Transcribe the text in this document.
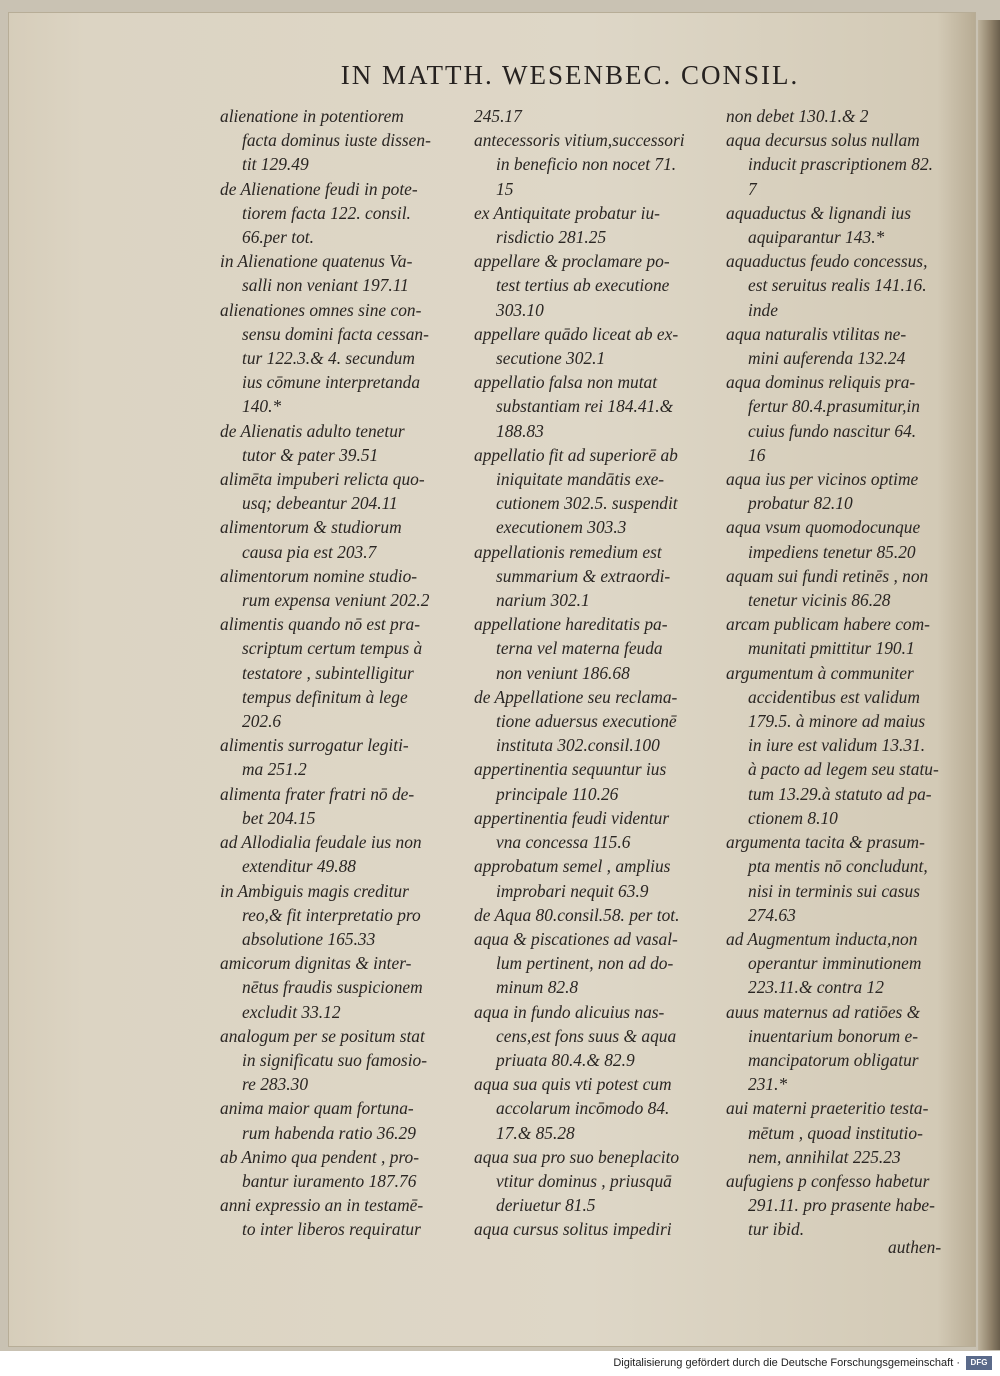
IN MATTH. WESENBEC. CONSIL.
alienatione in potentiorem
facta dominus iuste dissen-
tit 129.49
de Alienatione feudi in pote-
tiorem facta 122. consil.
66.per tot.
in Alienatione quatenus Va-
salli non veniant 197.11
alienationes omnes sine con-
sensu domini facta cessan-
tur 122.3.& 4. secundum
ius cōmune interpretanda
140.*
de Alienatis adulto tenetur
tutor & pater 39.51
alimēta impuberi relicta quo-
usq; debeantur 204.11
alimentorum & studiorum
causa pia est 203.7
alimentorum nomine studio-
rum expensa veniunt 202.2
alimentis quando nō est pra-
scriptum certum tempus à
testatore , subintelligitur
tempus definitum à lege
202.6
alimentis surrogatur legiti-
ma 251.2
alimenta frater fratri nō de-
bet 204.15
ad Allodialia feudale ius non
extenditur 49.88
in Ambiguis magis creditur
reo,& fit interpretatio pro
absolutione 165.33
amicorum dignitas & inter-
nētus fraudis suspicionem
excludit 33.12
analogum per se positum stat
in significatu suo famosio-
re 283.30
anima maior quam fortuna-
rum habenda ratio 36.29
ab Animo qua pendent , pro-
bantur iuramento 187.76
anni expressio an in testamē-
to inter liberos requiratur
245.17
antecessoris vitium,successori
in beneficio non nocet 71.
15
ex Antiquitate probatur iu-
risdictio 281.25
appellare & proclamare po-
test tertius ab executione
303.10
appellare quādo liceat ab ex-
secutione 302.1
appellatio falsa non mutat
substantiam rei 184.41.&
188.83
appellatio fit ad superiorē ab
iniquitate mandātis exe-
cutionem 302.5. suspendit
executionem 303.3
appellationis remedium est
summarium & extraordi-
narium 302.1
appellatione hareditatis pa-
terna vel materna feuda
non veniunt 186.68
de Appellatione seu reclama-
tione aduersus executionē
instituta 302.consil.100
appertinentia sequuntur ius
principale 110.26
appertinentia feudi videntur
vna concessa 115.6
approbatum semel , amplius
improbari nequit 63.9
de Aqua 80.consil.58. per tot.
aqua & piscationes ad vasal-
lum pertinent, non ad do-
minum 82.8
aqua in fundo alicuius nas-
cens,est fons suus & aqua
priuata 80.4.& 82.9
aqua sua quis vti potest cum
accolarum incōmodo 84.
17.& 85.28
aqua sua pro suo beneplacito
vtitur dominus , priusquā
deriuetur 81.5
aqua cursus solitus impediri
non debet 130.1.& 2
aqua decursus solus nullam
inducit prascriptionem 82.
7
aquaductus & lignandi ius
aquiparantur 143.*
aquaductus feudo concessus,
est seruitus realis 141.16.
inde
aqua naturalis vtilitas ne-
mini auferenda 132.24
aqua dominus reliquis pra-
fertur 80.4.prasumitur,in
cuius fundo nascitur 64.
16
aqua ius per vicinos optime
probatur 82.10
aqua vsum quomodocunque
impediens tenetur 85.20
aquam sui fundi retinēs , non
tenetur vicinis 86.28
arcam publicam habere com-
munitati pmittitur 190.1
argumentum à communiter
accidentibus est validum
179.5. à minore ad maius
in iure est validum 13.31.
à pacto ad legem seu statu-
tum 13.29.à statuto ad pa-
ctionem 8.10
argumenta tacita & prasum-
pta mentis nō concludunt,
nisi in terminis sui casus
274.63
ad Augmentum inducta,non
operantur imminutionem
223.11.& contra 12
auus maternus ad ratiōes &
inuentarium bonorum e-
mancipatorum obligatur
231.*
aui materni praeteritio testa-
mētum , quoad institutio-
nem, annihilat 225.23
aufugiens p confesso habetur
291.11. pro prasente habe-
tur ibid.
authen-
Digitalisierung gefördert durch die Deutsche Forschungsgemeinschaft ·	DFG
